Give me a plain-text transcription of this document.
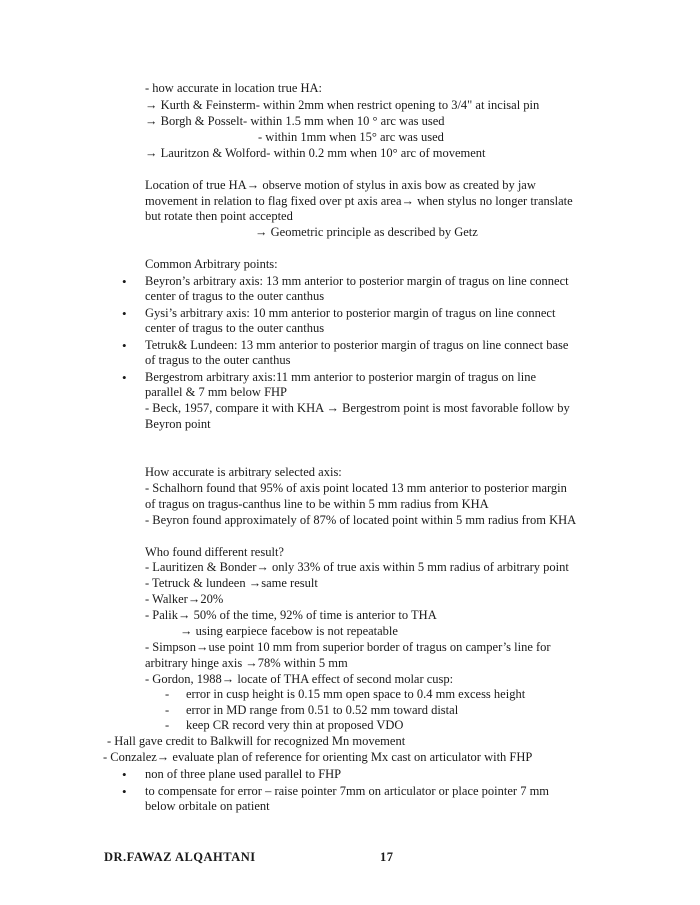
- how accurate in location true HA:
→ Kurth & Feinsterm- within 2mm when restrict opening to 3/4" at incisal pin
→ Borgh & Posselt- within 1.5 mm when 10 ° arc was used
- within 1mm when 15° arc was used
→ Lauritzon & Wolford- within 0.2 mm when 10° arc of movement
Location of true HA→ observe motion of stylus in axis bow as created by jaw
movement in relation to flag fixed over pt axis area→ when stylus no longer translate
but rotate then point accepted
→ Geometric principle as described by Getz
Common Arbitrary points:
• Beyron’s arbitrary axis: 13 mm anterior to posterior margin of tragus on line connect
center of tragus to the outer canthus
• Gysi’s arbitrary axis: 10 mm anterior to posterior margin of tragus on line connect
center of tragus to the outer canthus
• Tetruk& Lundeen: 13 mm anterior to posterior margin of tragus on line connect base
of tragus to the outer canthus
• Bergestrom arbitrary axis:11 mm anterior to posterior margin of tragus on line
parallel & 7 mm below FHP
- Beck, 1957, compare it with KHA → Bergestrom point is most favorable follow by
Beyron point
How accurate is arbitrary selected axis:
- Schalhorn found that 95% of axis point located 13 mm anterior to posterior margin
of tragus on tragus-canthus line to be within 5 mm radius from KHA
- Beyron found approximately of 87% of located point within 5 mm radius from KHA
Who found different result?
- Lauritizen & Bonder→ only 33% of true axis within 5 mm radius of arbitrary point
- Tetruck & lundeen →same result
- Walker→20%
- Palik→ 50% of the time, 92% of time is anterior to THA
→ using earpiece facebow is not repeatable
- Simpson→use point 10 mm from superior border of tragus on camper’s line for
arbitrary hinge axis →78% within 5 mm
- Gordon, 1988→ locate of THA effect of second molar cusp:
- error in cusp height is 0.15 mm open space to 0.4 mm excess height
- error in MD range from 0.51 to 0.52 mm toward distal
- keep CR record very thin at proposed VDO
- Hall gave credit to Balkwill for recognized Mn movement
- Conzalez→ evaluate plan of reference for orienting Mx cast on articulator with FHP
• non of three plane used parallel to FHP
• to compensate for error – raise pointer 7mm on articulator or place pointer 7 mm
below orbitale on patient
DR.FAWAZ ALQAHTANI	17
